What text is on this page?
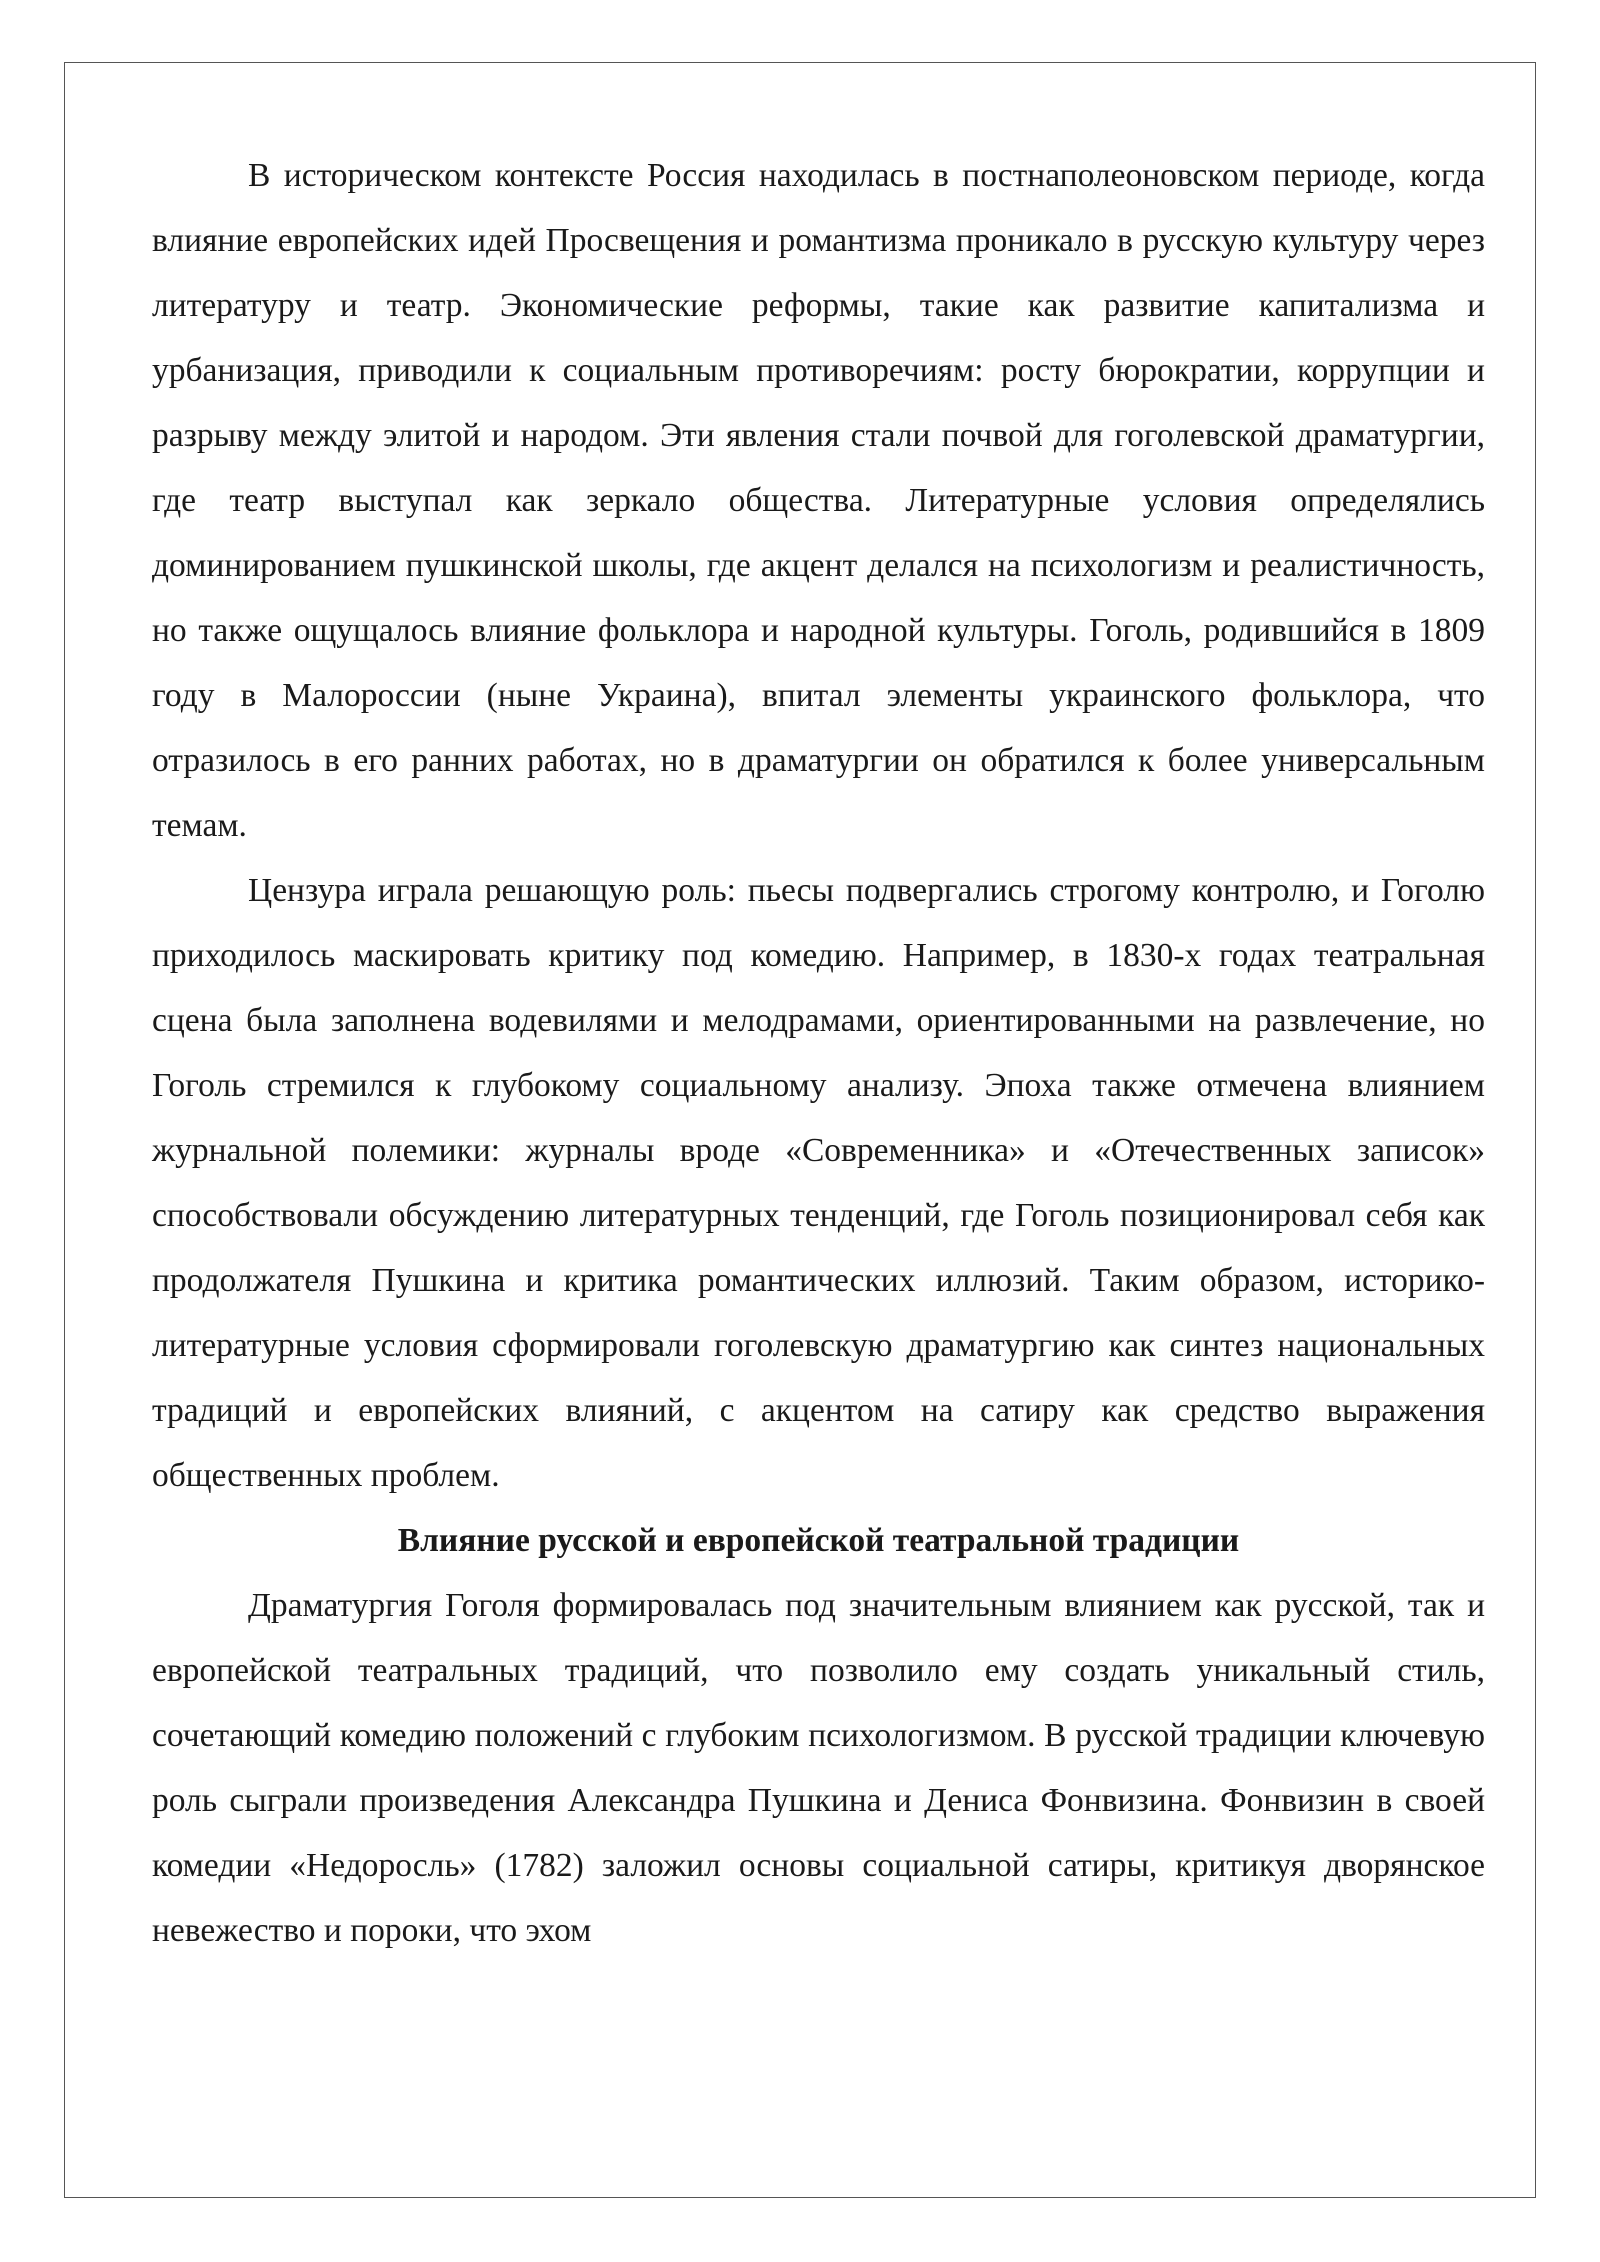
В историческом контексте Россия находилась в постнаполеоновском периоде, когда влияние европейских идей Просвещения и романтизма проникало в русскую культуру через литературу и театр. Экономические реформы, такие как развитие капитализма и урбанизация, приводили к социальным противоречиям: росту бюрократии, коррупции и разрыву между элитой и народом. Эти явления стали почвой для гоголевской драматургии, где театр выступал как зеркало общества. Литературные условия определялись доминированием пушкинской школы, где акцент делался на психологизм и реалистичность, но также ощущалось влияние фольклора и народной культуры. Гоголь, родившийся в 1809 году в Малороссии (ныне Украина), впитал элементы украинского фольклора, что отразилось в его ранних работах, но в драматургии он обратился к более универсальным темам.

Цензура играла решающую роль: пьесы подвергались строгому контролю, и Гоголю приходилось маскировать критику под комедию. Например, в 1830-х годах театральная сцена была заполнена водевилями и мелодрамами, ориентированными на развлечение, но Гоголь стремился к глубокому социальному анализу. Эпоха также отмечена влиянием журнальной полемики: журналы вроде «Современника» и «Отечественных записок» способствовали обсуждению литературных тенденций, где Гоголь позиционировал себя как продолжателя Пушкина и критика романтических иллюзий. Таким образом, историко-литературные условия сформировали гоголевскую драматургию как синтез национальных традиций и европейских влияний, с акцентом на сатиру как средство выражения общественных проблем.

Влияние русской и европейской театральной традиции

Драматургия Гоголя формировалась под значительным влиянием как русской, так и европейской театральных традиций, что позволило ему создать уникальный стиль, сочетающий комедию положений с глубоким психологизмом. В русской традиции ключевую роль сыграли произведения Александра Пушкина и Дениса Фонвизина. Фонвизин в своей комедии «Недоросль» (1782) заложил основы социальной сатиры, критикуя дворянское невежество и пороки, что эхом
